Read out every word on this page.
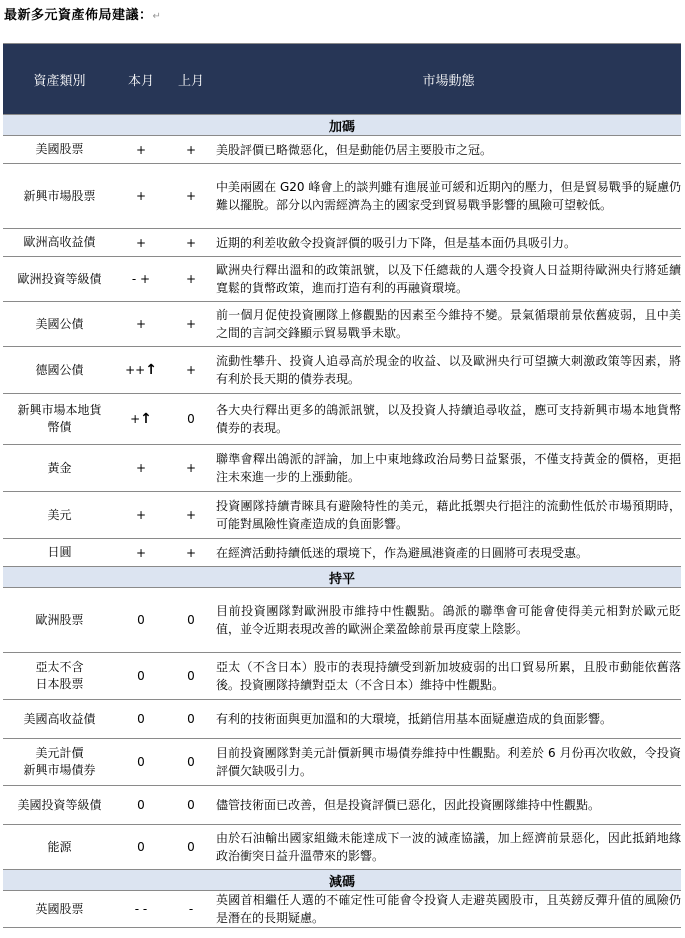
最新多元資產佈局建議：↵
資產類別	本月	上月	市場動態
加碼			

美國股票	+	+	美股評價已略微惡化，但是動能仍居主要股市之冠。

新興市場股票	+	+	中美兩國在 G20 峰會上的談判雖有進展並可緩和近期內的壓力，但是貿易戰爭的疑慮仍難以擺脫。部分以內需經濟為主的國家受到貿易戰爭影響的風險可望較低。

歐洲高收益債	+	+	近期的利差收斂令投資評價的吸引力下降，但是基本面仍具吸引力。

歐洲投資等級債	- +	+	歐洲央行釋出溫和的政策訊號，以及下任總裁的人選令投資人日益期待歐洲央行將延續寬鬆的貨幣政策，進而打造有利的再融資環境。

美國公債	+	+	前一個月促使投資團隊上修觀點的因素至今維持不變。景氣循環前景依舊疲弱，且中美之間的言詞交鋒顯示貿易戰爭未歇。

德國公債	++↑	+	流動性攀升、投資人追尋高於現金的收益、以及歐洲央行可望擴大刺激政策等因素，將有利於長天期的債券表現。

新興市場本地貨
幣債	+↑	0	各大央行釋出更多的鴿派訊號，以及投資人持續追尋收益，應可支持新興市場本地貨幣債券的表現。

黃金	+	+	聯準會釋出鴿派的評論，加上中東地緣政治局勢日益緊張，不僅支持黃金的價格，更挹注未來進一步的上漲動能。

美元	+	+	投資團隊持續青睞具有避險特性的美元，藉此抵禦央行挹注的流動性低於市場預期時，可能對風險性資產造成的負面影響。

日圓	+	+	在經濟活動持續低迷的環境下，作為避風港資產的日圓將可表現受惠。
持平			

歐洲股票	0	0	目前投資團隊對歐洲股市維持中性觀點。鴿派的聯準會可能會使得美元相對於歐元貶值，並令近期表現改善的歐洲企業盈餘前景再度蒙上陰影。

亞太不含
日本股票	0	0	亞太（不含日本）股市的表現持續受到新加坡疲弱的出口貿易所累，且股市動能依舊落後。投資團隊持續對亞太（不含日本）維持中性觀點。

美國高收益債	0	0	有利的技術面與更加溫和的大環境，抵銷信用基本面疑慮造成的負面影響。

美元計價
新興市場債券	0	0	目前投資團隊對美元計價新興市場債券維持中性觀點。利差於 6 月份再次收斂，令投資評價欠缺吸引力。

美國投資等級債	0	0	儘管技術面已改善，但是投資評價已惡化，因此投資團隊維持中性觀點。

能源	0	0	由於石油輸出國家組織未能達成下一波的減產協議，加上經濟前景惡化，因此抵銷地緣政治衝突日益升溫帶來的影響。
減碼			

英國股票	- -	-	英國首相繼任人選的不確定性可能會令投資人走避英國股市，且英鎊反彈升值的風險仍是潛在的長期疑慮。
